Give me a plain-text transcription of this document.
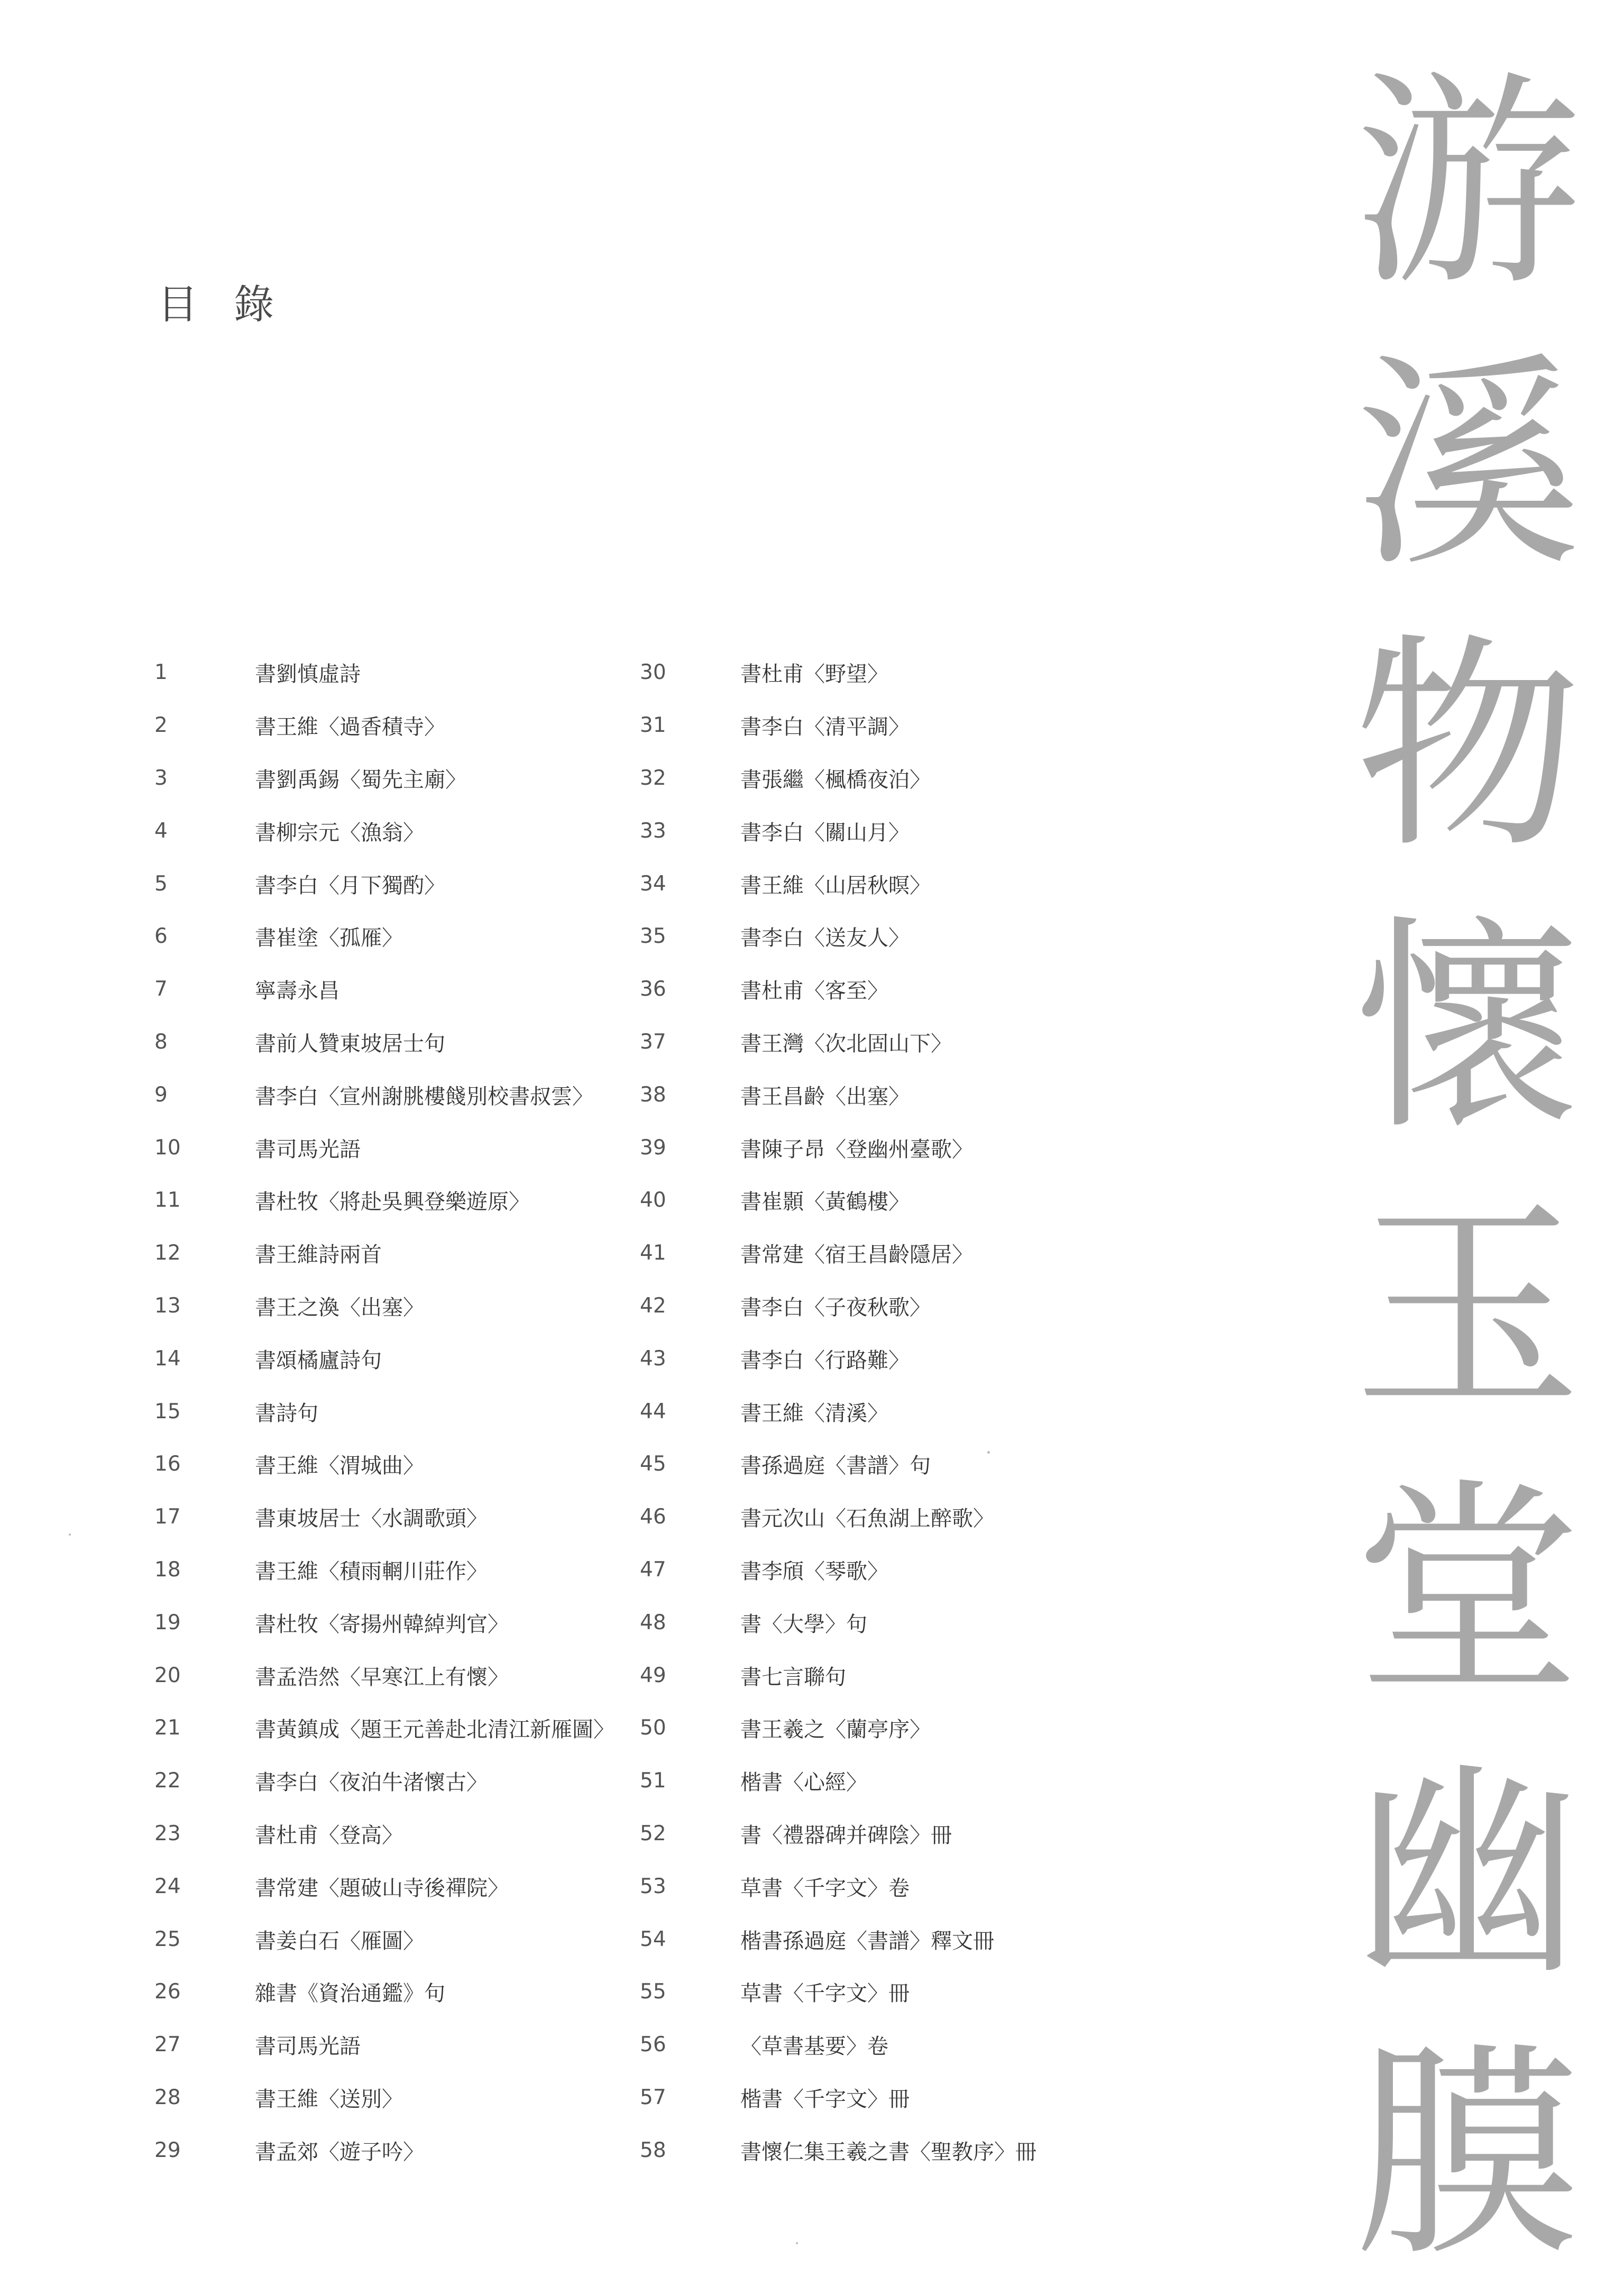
目 錄
1	書劉慎虛詩
2	書王維〈過香積寺〉
3	書劉禹錫〈蜀先主廟〉
4	書柳宗元〈漁翁〉
5	書李白〈月下獨酌〉
6	書崔塗〈孤雁〉
7	寧壽永昌
8	書前人贊東坡居士句
9	書李白〈宣州謝朓樓餞別校書叔雲〉
10	書司馬光語
11	書杜牧〈將赴吳興登樂遊原〉
12	書王維詩兩首
13	書王之渙〈出塞〉
14	書頌橘廬詩句
15	書詩句
16	書王維〈渭城曲〉
17	書東坡居士〈水調歌頭〉
18	書王維〈積雨輞川莊作〉
19	書杜牧〈寄揚州韓綽判官〉
20	書孟浩然〈早寒江上有懷〉
21	書黃鎮成〈題王元善赴北清江新雁圖〉
22	書李白〈夜泊牛渚懷古〉
23	書杜甫〈登高〉
24	書常建〈題破山寺後禪院〉
25	書姜白石〈雁圖〉
26	雜書《資治通鑑》句
27	書司馬光語
28	書王維〈送別〉
29	書孟郊〈遊子吟〉
30	書杜甫〈野望〉
31	書李白〈清平調〉
32	書張繼〈楓橋夜泊〉
33	書李白〈關山月〉
34	書王維〈山居秋暝〉
35	書李白〈送友人〉
36	書杜甫〈客至〉
37	書王灣〈次北固山下〉
38	書王昌齡〈出塞〉
39	書陳子昂〈登幽州臺歌〉
40	書崔顥〈黃鶴樓〉
41	書常建〈宿王昌齡隱居〉
42	書李白〈子夜秋歌〉
43	書李白〈行路難〉
44	書王維〈清溪〉
45	書孫過庭〈書譜〉句
46	書元次山〈石魚湖上醉歌〉
47	書李頎〈琴歌〉
48	書〈大學〉句
49	書七言聯句
50	書王羲之〈蘭亭序〉
51	楷書〈心經〉
52	書〈禮器碑并碑陰〉冊
53	草書〈千字文〉卷
54	楷書孫過庭〈書譜〉釋文冊
55	草書〈千字文〉冊
56	〈草書基要〉卷
57	楷書〈千字文〉冊
58	書懷仁集王羲之書〈聖教序〉冊
游
溪
物
懷
玉
堂
幽
膜
